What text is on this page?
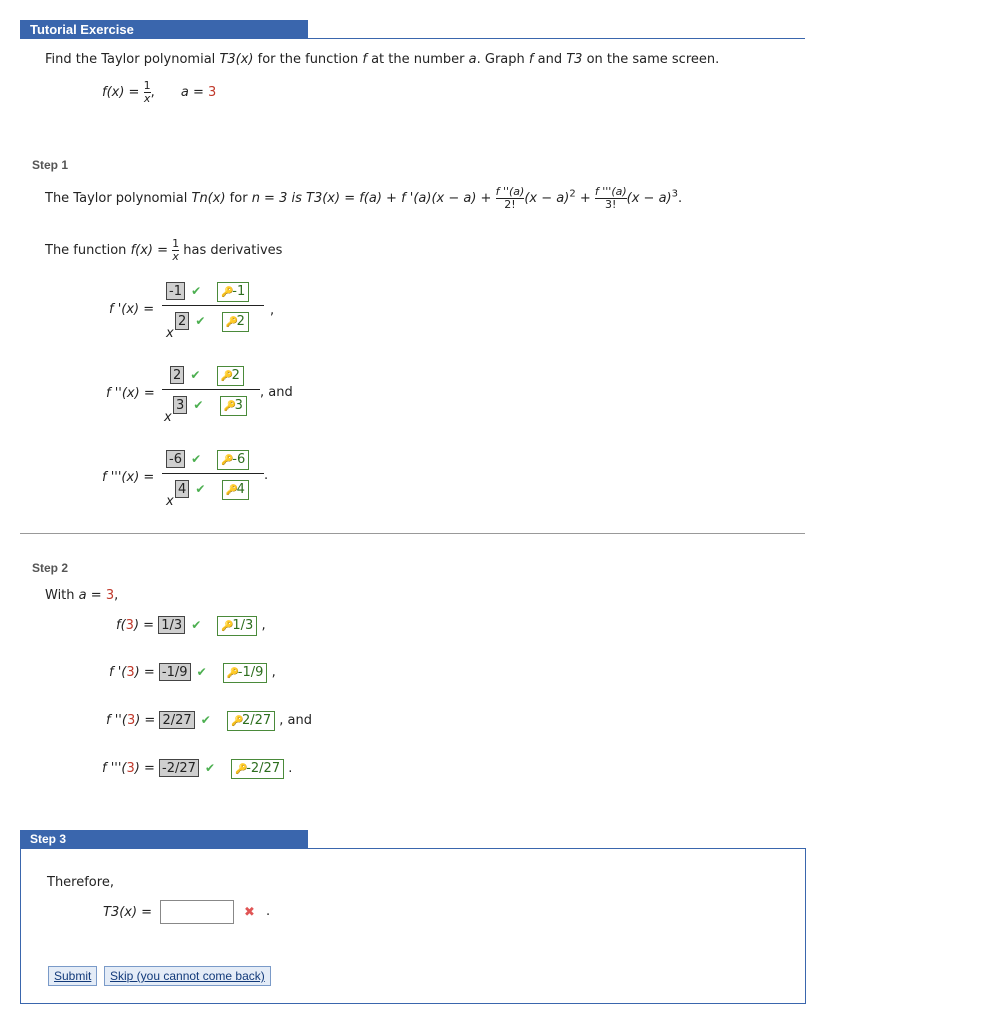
Tutorial Exercise
Find the Taylor polynomial T3(x) for the function f at the number a. Graph f and T3 on the same screen.
$f(x) = \frac{1}{x}$ , a = 3
Step 1
The Taylor polynomial Tn(x) for n = 3 is T3(x) = f(a) + f '$(a)(x - a) + \frac{f ''(a)}{2!} (x - a)^2 + \frac{f '''(a)}{3!} (x - a)^3$.
The function $f(x) = \frac{1}{x}$ has derivatives
f '(x) =
-1 ✔ 🔑-1
,
x
2 ✔ 🔑2
f ''(x) =
2 ✔ 🔑2
, and
x
3 ✔ 🔑3
f '''(x) =
-6 ✔ 🔑-6
.
x
4 ✔ 🔑4
Step 2
With a = 3,
f(3) = 1/3 ✔ 🔑1/3 ,
f '(3) = -1/9 ✔ 🔑-1/9 ,
f ''(3) = 2/27 ✔ 🔑2/27 , and
f '''(3) = -2/27 ✔ 🔑-2/27 .
Step 3
Therefore,
T3(x) =	✖ .
Submit	Skip (you cannot come back)
